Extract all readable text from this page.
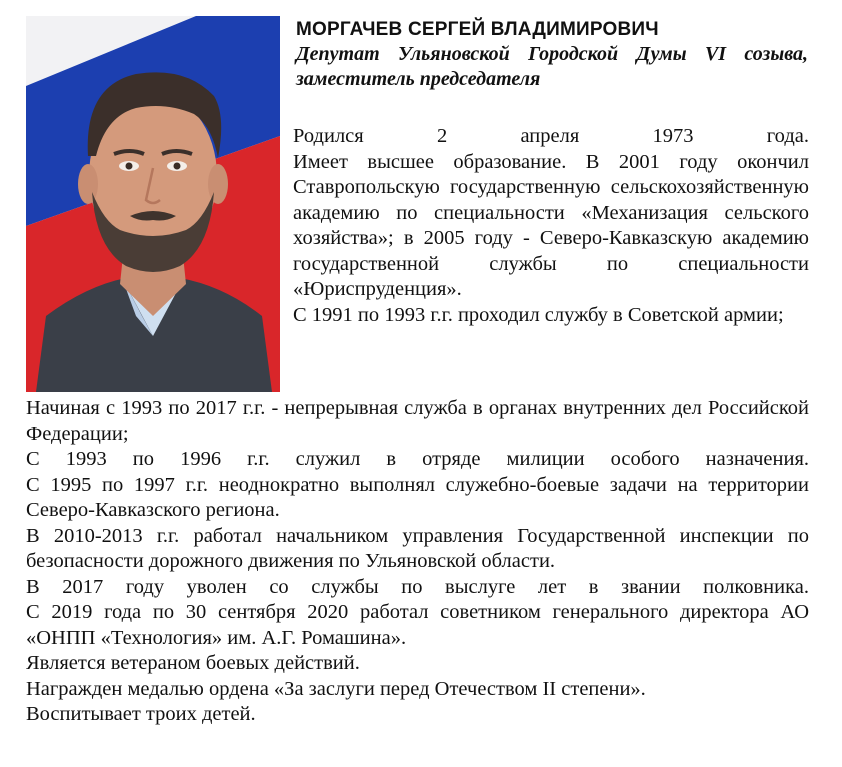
МОРГАЧЕВ СЕРГЕЙ ВЛАДИМИРОВИЧ

Депутат Ульяновской Городской Думы VI созыва, заместитель председателя

Родился 2 апреля 1973 года.

Имеет высшее образование. В 2001 году окончил Ставропольскую государственную сельскохозяйственную академию по специальности «Механизация сельского хозяйства»; в 2005 году - Северо-Кавказскую академию государственной службы по специальности «Юриспруденция».

С 1991 по 1993 г.г. проходил службу в Советской армии;

Начиная с 1993 по 2017 г.г. - непрерывная служба в органах внутренних дел Российской Федерации;

С 1993 по 1996 г.г. служил в отряде милиции особого назначения.

С 1995 по 1997 г.г. неоднократно выполнял служебно-боевые задачи на территории Северо-Кавказского региона.

В 2010-2013 г.г. работал начальником управления Государственной инспекции по безопасности дорожного движения по Ульяновской области.

В 2017 году уволен со службы по выслуге лет в звании полковника.

С 2019 года по 30 сентября 2020 работал советником генерального директора АО «ОНПП «Технология» им. А.Г. Ромашина».

Является ветераном боевых действий.

Награжден медалью ордена «За заслуги перед Отечеством II степени».

Воспитывает троих детей.
